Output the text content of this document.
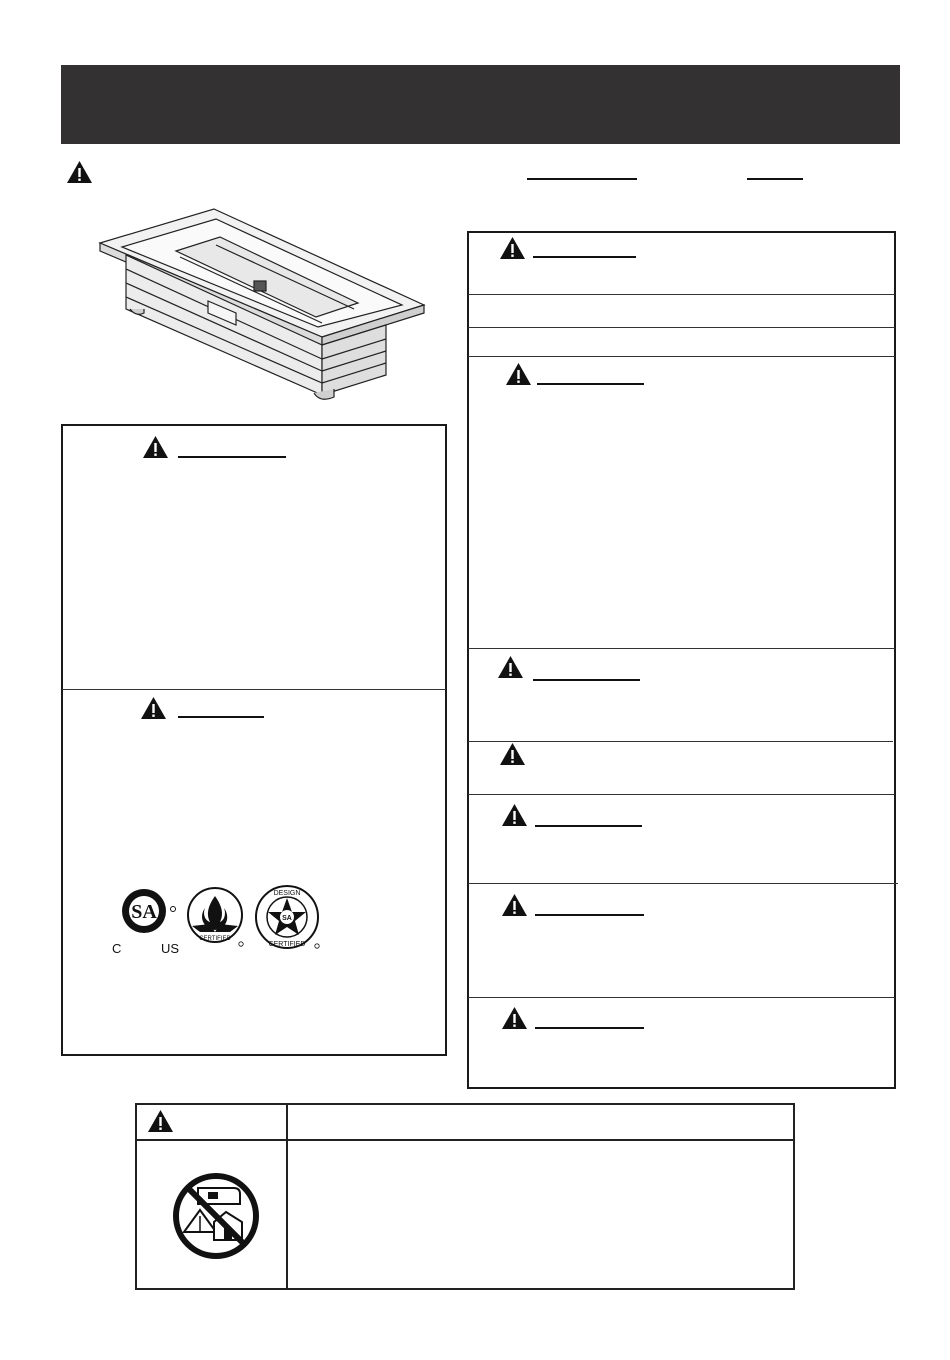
SA
C	US
CERTIFIED
SA
DESIGN
CERTIFIED
